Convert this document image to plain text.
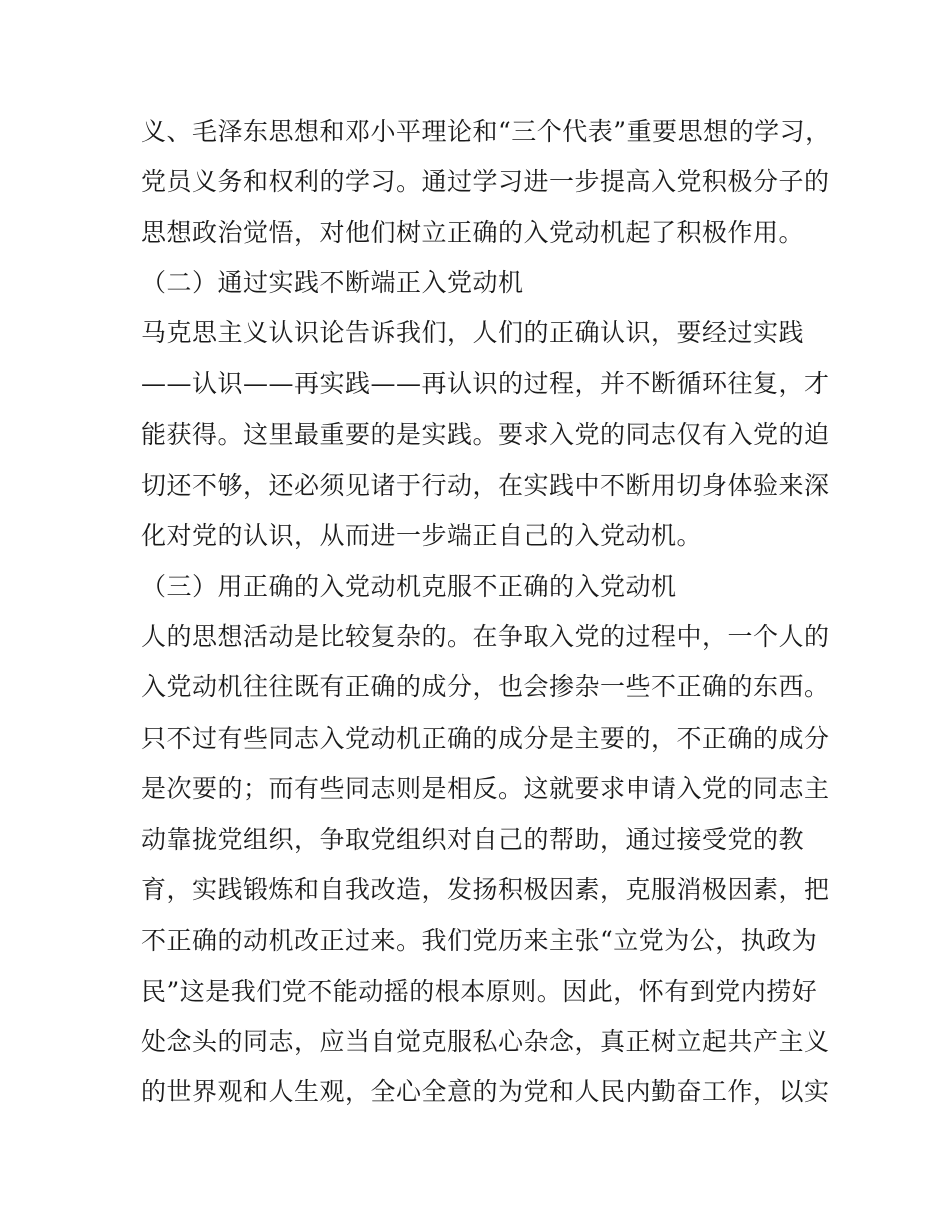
义、毛泽东思想和邓小平理论和“三个代表”重要思想的学习，
党员义务和权利的学习。通过学习进一步提高入党积极分子的
思想政治觉悟，对他们树立正确的入党动机起了积极作用。
（二）通过实践不断端正入党动机
马克思主义认识论告诉我们，人们的正确认识，要经过实践
——认识——再实践——再认识的过程，并不断循环往复，才
能获得。这里最重要的是实践。要求入党的同志仅有入党的迫
切还不够，还必须见诸于行动，在实践中不断用切身体验来深
化对党的认识，从而进一步端正自己的入党动机。
（三）用正确的入党动机克服不正确的入党动机
人的思想活动是比较复杂的。在争取入党的过程中，一个人的
入党动机往往既有正确的成分，也会掺杂一些不正确的东西。
只不过有些同志入党动机正确的成分是主要的，不正确的成分
是次要的；而有些同志则是相反。这就要求申请入党的同志主
动靠拢党组织，争取党组织对自己的帮助，通过接受党的教
育，实践锻炼和自我改造，发扬积极因素，克服消极因素，把
不正确的动机改正过来。我们党历来主张“立党为公，执政为
民”这是我们党不能动摇的根本原则。因此，怀有到党内捞好
处念头的同志，应当自觉克服私心杂念，真正树立起共产主义
的世界观和人生观，全心全意的为党和人民内勤奋工作，以实
